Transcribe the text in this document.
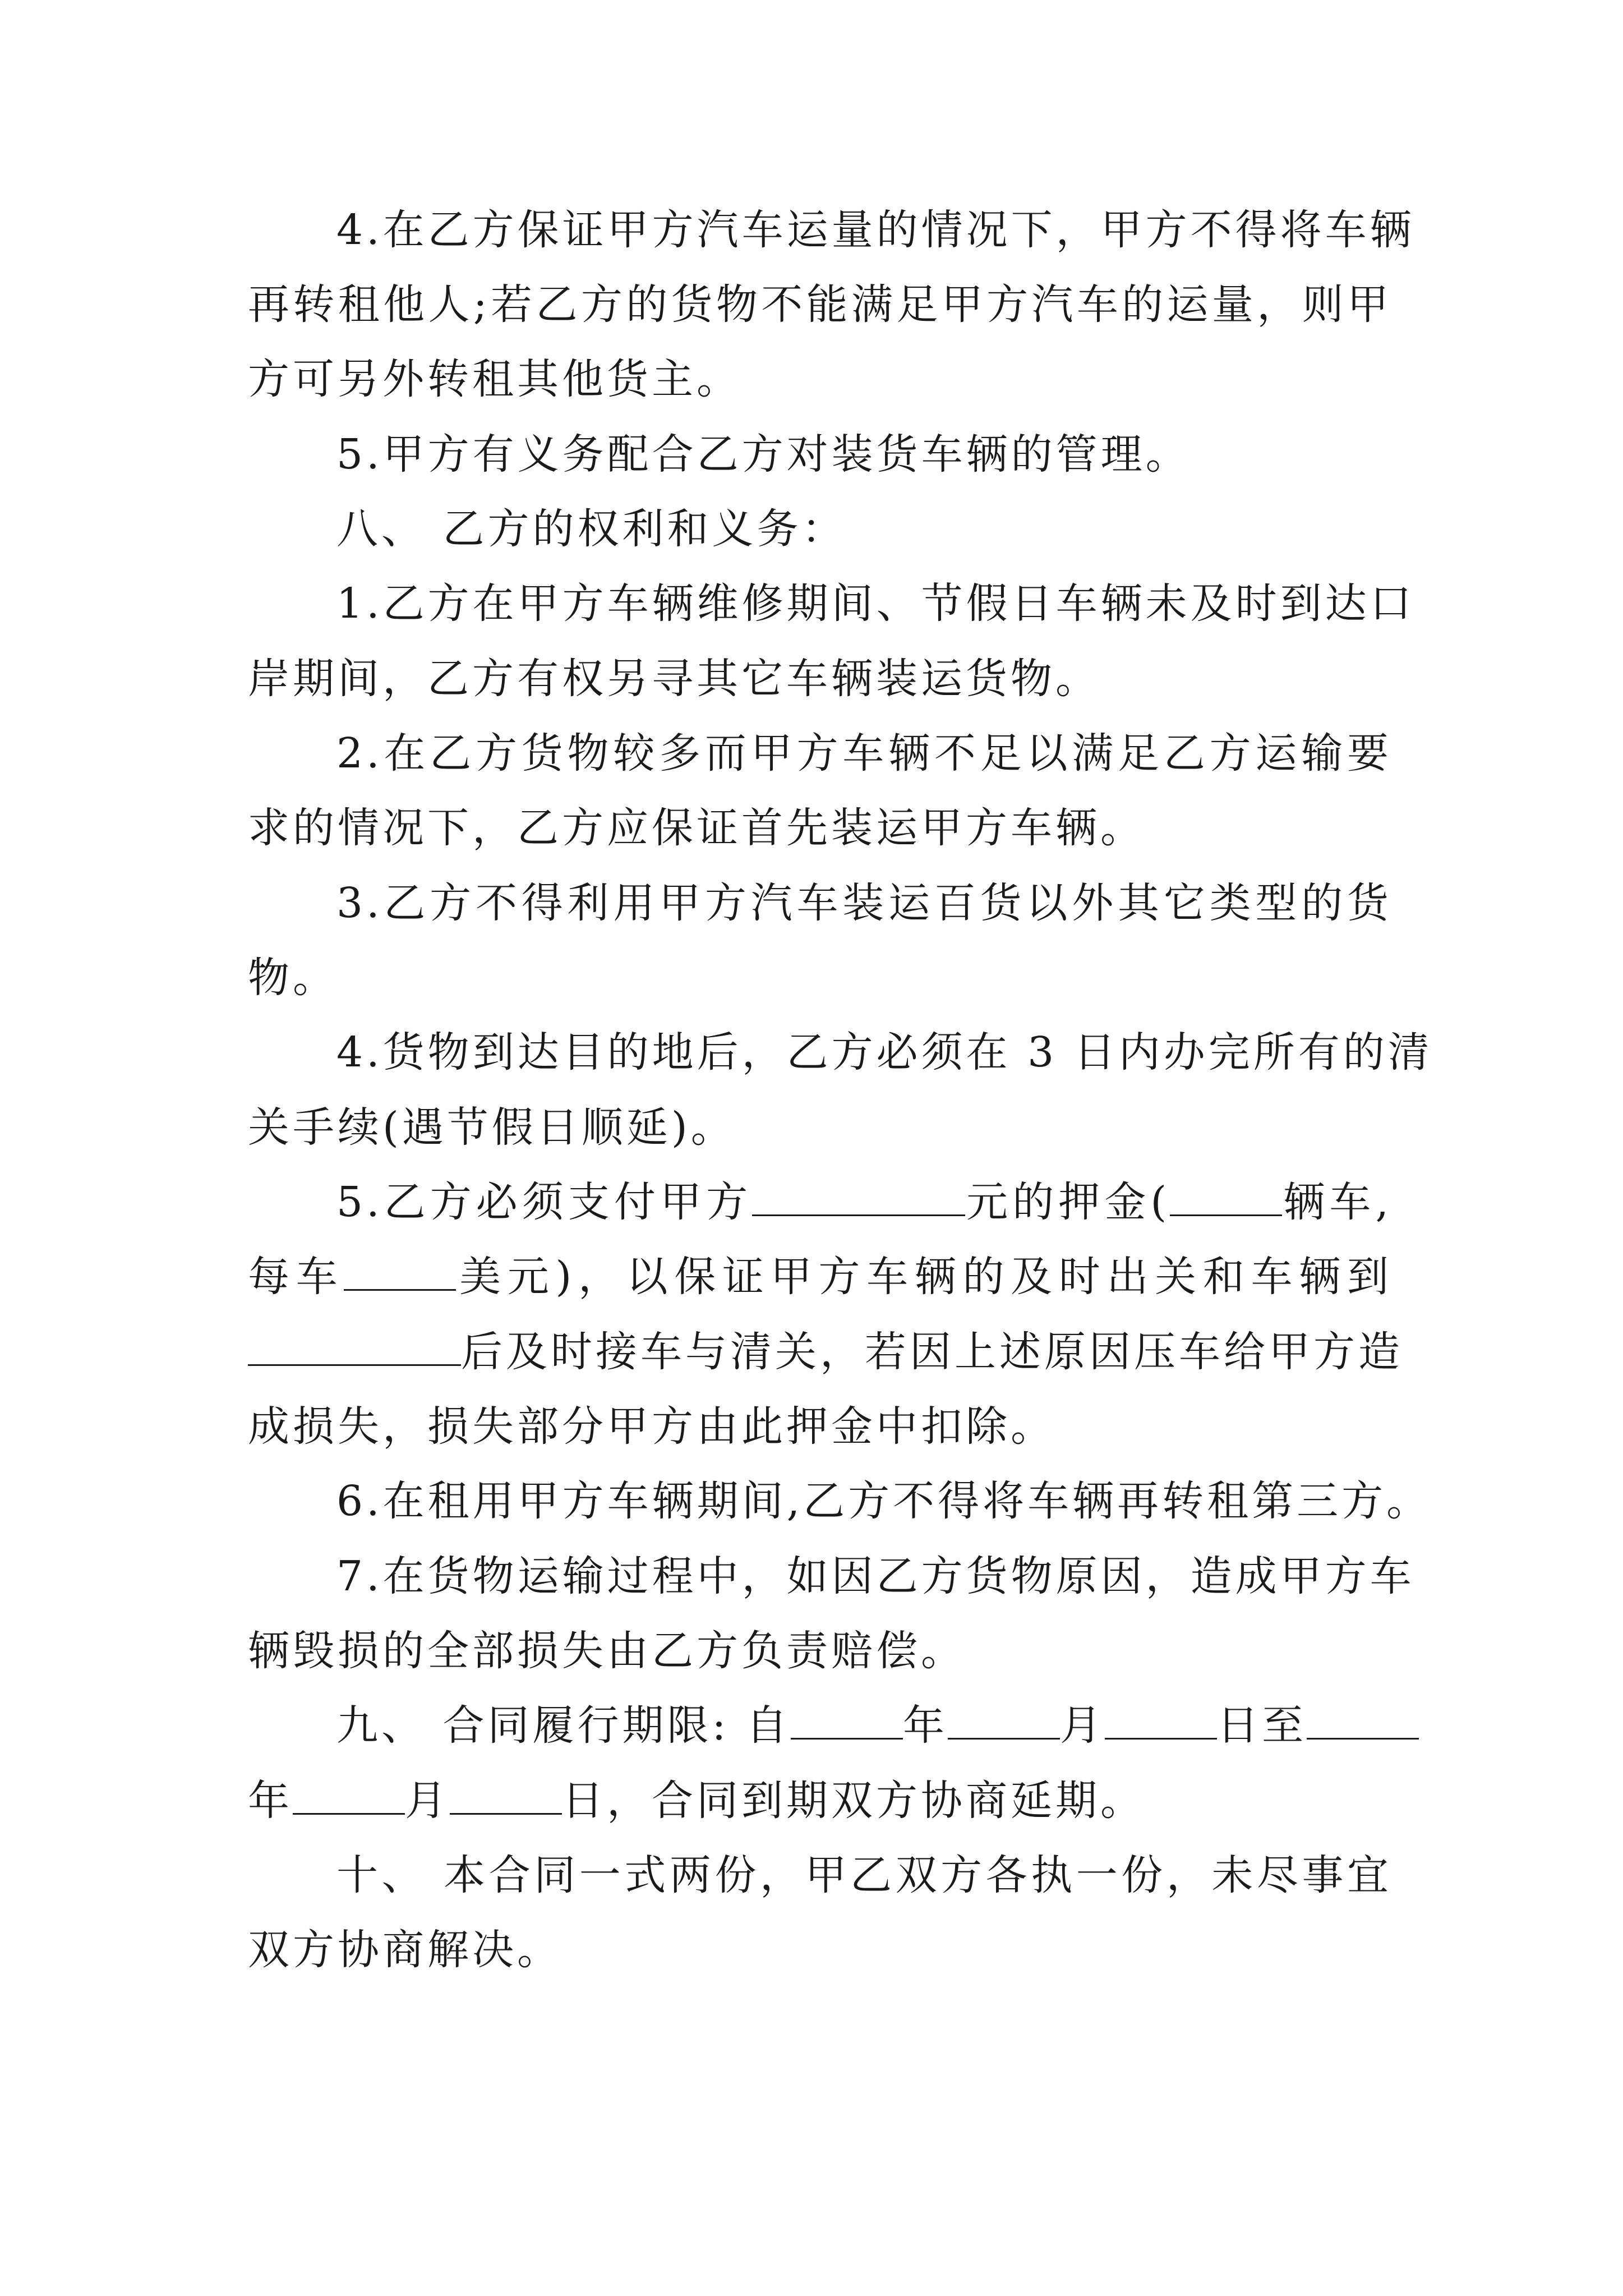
4.在乙方保证甲方汽车运量的情况下，甲方不得将车辆
再转租他人;若乙方的货物不能满足甲方汽车的运量，则甲
方可另外转租其他货主。
5.甲方有义务配合乙方对装货车辆的管理。
八、 乙方的权利和义务：
1.乙方在甲方车辆维修期间、节假日车辆未及时到达口
岸期间，乙方有权另寻其它车辆装运货物。
2.在乙方货物较多而甲方车辆不足以满足乙方运输要
求的情况下，乙方应保证首先装运甲方车辆。
3.乙方不得利用甲方汽车装运百货以外其它类型的货
物。
4.货物到达目的地后，乙方必须在 3 日内办完所有的清
关手续(遇节假日顺延)。
5.乙方必须支付甲方	元的押金(	辆车,
每车	美元)，以保证甲方车辆的及时出关和车辆到
后及时接车与清关，若因上述原因压车给甲方造
成损失，损失部分甲方由此押金中扣除。
6.在租用甲方车辆期间,乙方不得将车辆再转租第三方。
7.在货物运输过程中，如因乙方货物原因，造成甲方车
辆毁损的全部损失由乙方负责赔偿。
九、 合同履行期限: 自	年	月	日至
年	月	日，合同到期双方协商延期。
十、 本合同一式两份，甲乙双方各执一份，未尽事宜
双方协商解决。
